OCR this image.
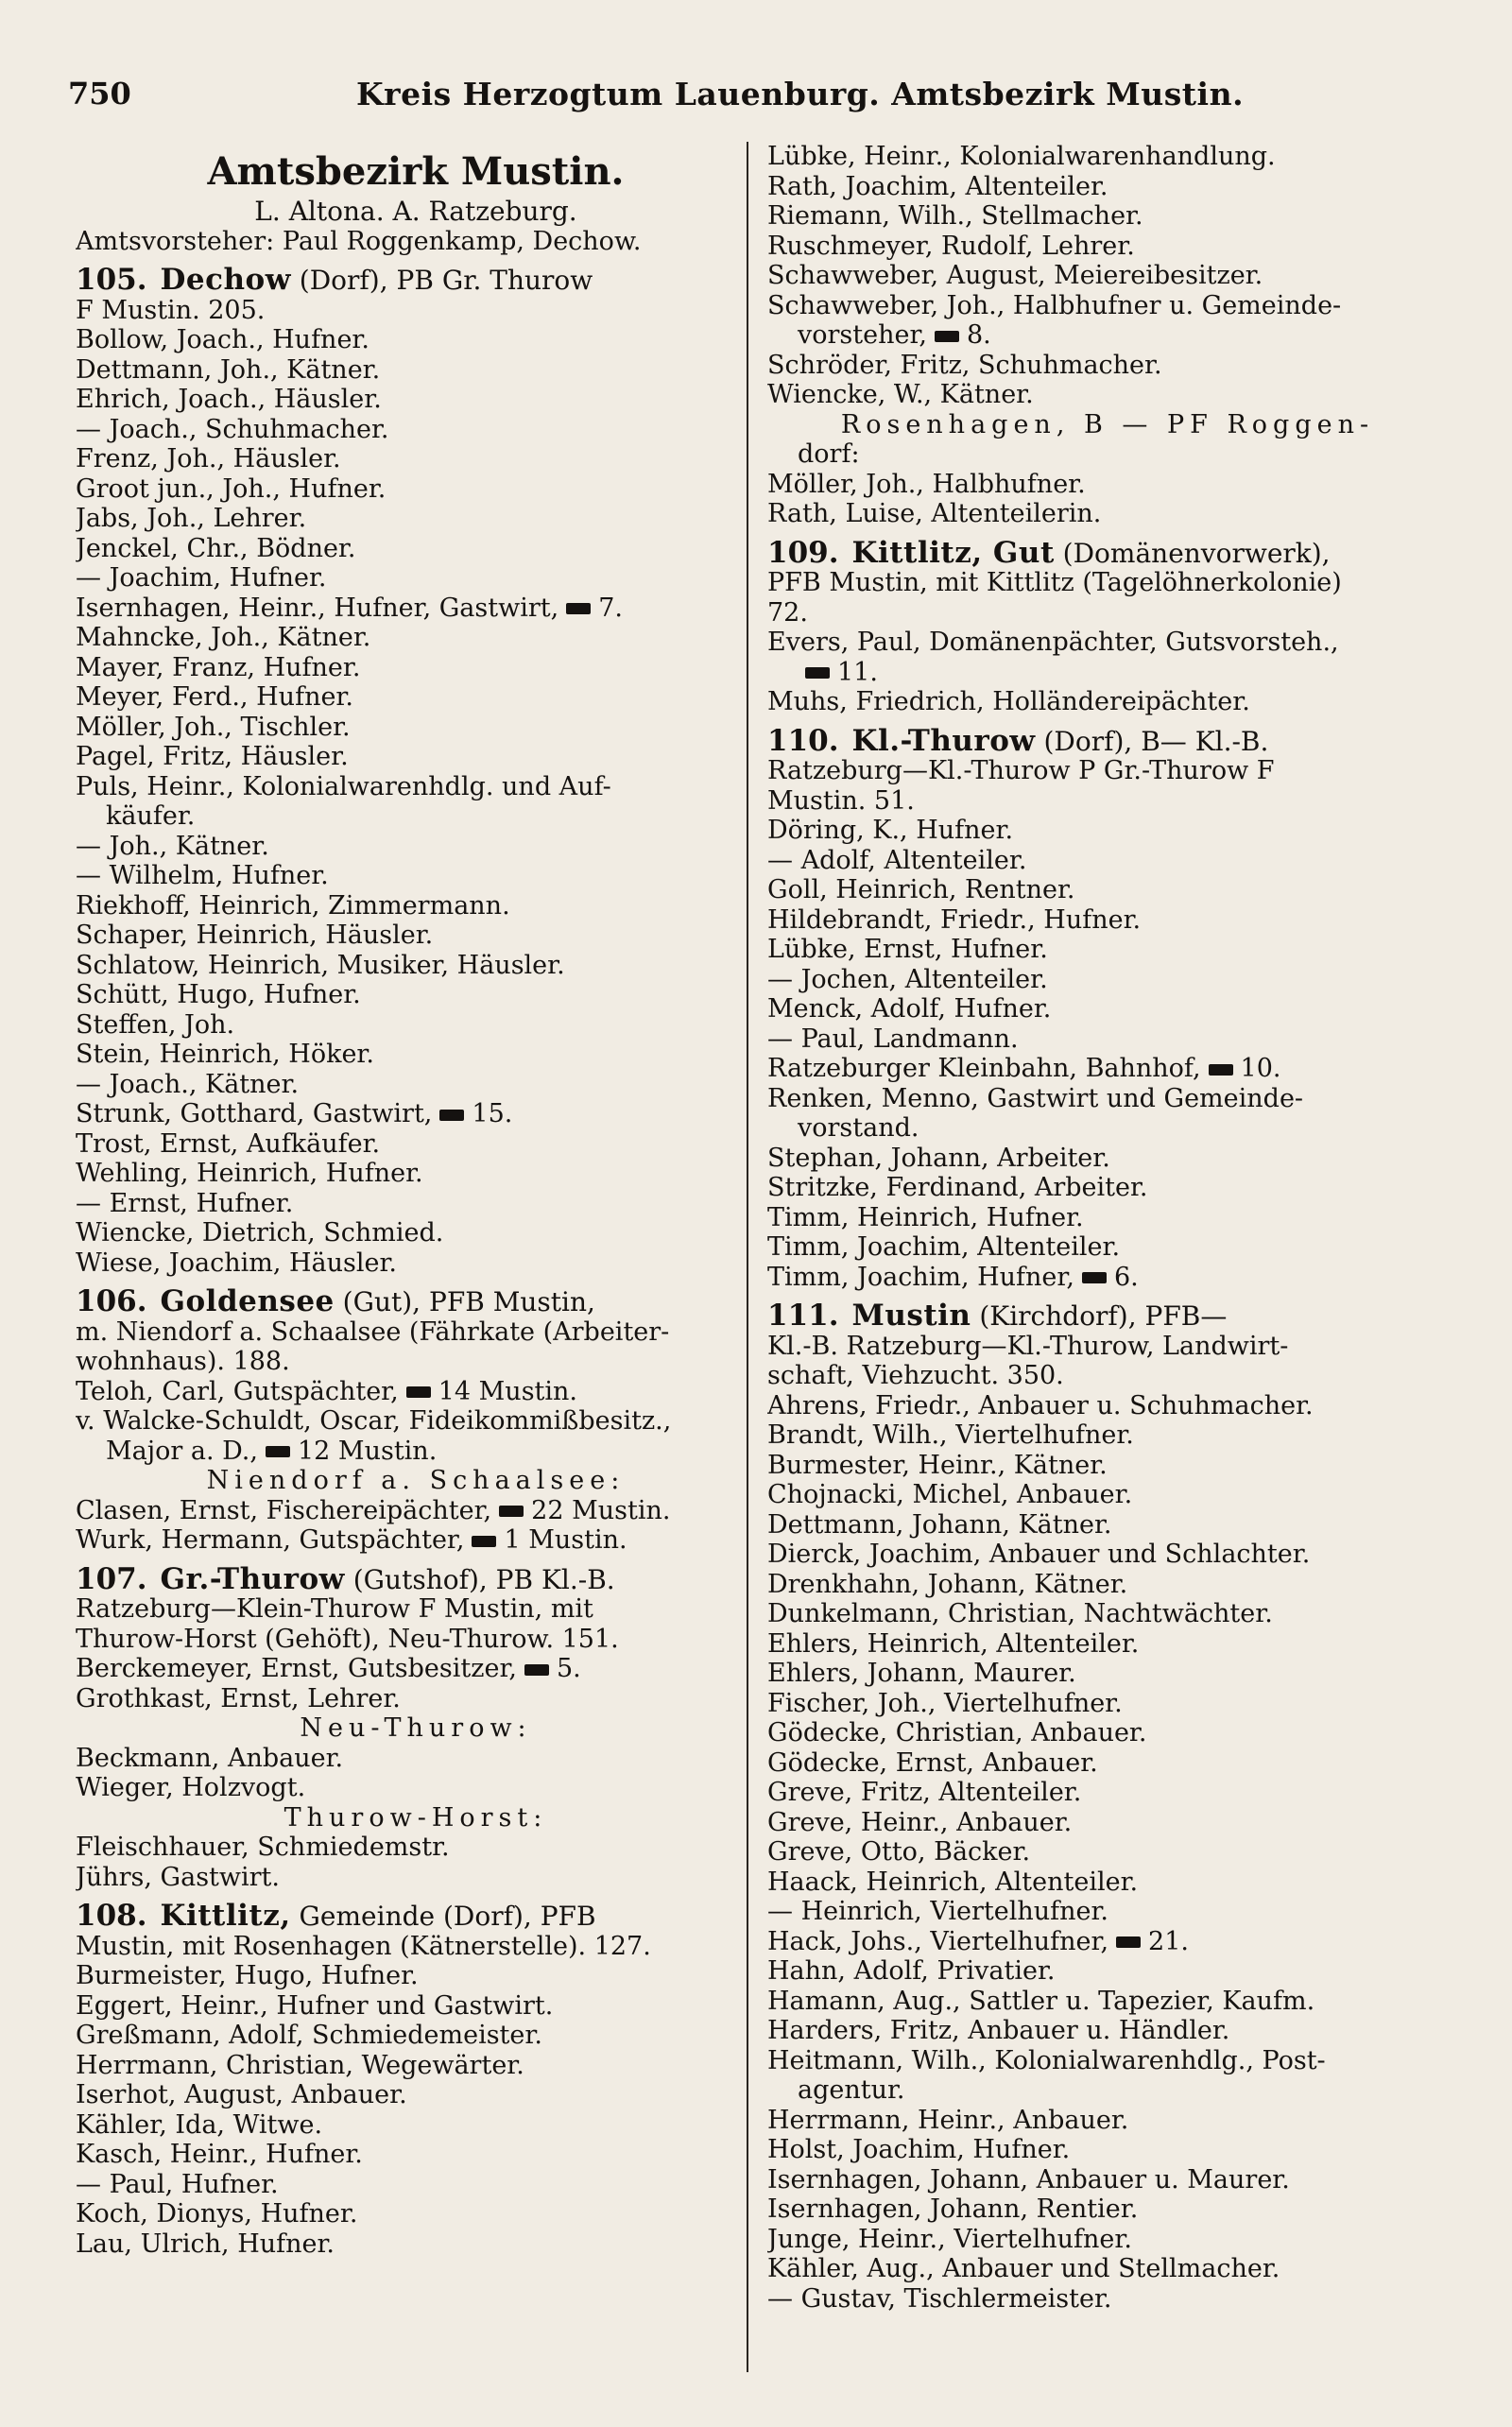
750	Kreis Herzogtum Lauenburg. Amtsbezirk Mustin.
Amtsbezirk Mustin.
L. Altona. A. Ratzeburg.
Amtsvorsteher: Paul Roggenkamp, Dechow.
105. Dechow (Dorf), PB Gr. Thurow
F Mustin. 205.
Bollow, Joach., Hufner.
Dettmann, Joh., Kätner.
Ehrich, Joach., Häusler.
— Joach., Schuhmacher.
Frenz, Joh., Häusler.
Groot jun., Joh., Hufner.
Jabs, Joh., Lehrer.
Jenckel, Chr., Bödner.
— Joachim, Hufner.
Isernhagen, Heinr., Hufner, Gastwirt, 7.
Mahncke, Joh., Kätner.
Mayer, Franz, Hufner.
Meyer, Ferd., Hufner.
Möller, Joh., Tischler.
Pagel, Fritz, Häusler.
Puls, Heinr., Kolonialwarenhdlg. und Auf-
käufer.
— Joh., Kätner.
— Wilhelm, Hufner.
Riekhoff, Heinrich, Zimmermann.
Schaper, Heinrich, Häusler.
Schlatow, Heinrich, Musiker, Häusler.
Schütt, Hugo, Hufner.
Steffen, Joh.
Stein, Heinrich, Höker.
— Joach., Kätner.
Strunk, Gotthard, Gastwirt, 15.
Trost, Ernst, Aufkäufer.
Wehling, Heinrich, Hufner.
— Ernst, Hufner.
Wiencke, Dietrich, Schmied.
Wiese, Joachim, Häusler.
106. Goldensee (Gut), PFB Mustin,
m. Niendorf a. Schaalsee (Fährkate (Arbeiter-
wohnhaus). 188.
Teloh, Carl, Gutspächter, 14 Mustin.
v. Walcke-Schuldt, Oscar, Fideikommißbesitz.,
Major a. D., 12 Mustin.
Niendorf a. Schaalsee:
Clasen, Ernst, Fischereipächter, 22 Mustin.
Wurk, Hermann, Gutspächter, 1 Mustin.
107. Gr.-Thurow (Gutshof), PB Kl.-B.
Ratzeburg—Klein-Thurow F Mustin, mit
Thurow-Horst (Gehöft), Neu-Thurow. 151.
Berckemeyer, Ernst, Gutsbesitzer, 5.
Grothkast, Ernst, Lehrer.
Neu-Thurow:
Beckmann, Anbauer.
Wieger, Holzvogt.
Thurow-Horst:
Fleischhauer, Schmiedemstr.
Jührs, Gastwirt.
108. Kittlitz, Gemeinde (Dorf), PFB
Mustin, mit Rosenhagen (Kätnerstelle). 127.
Burmeister, Hugo, Hufner.
Eggert, Heinr., Hufner und Gastwirt.
Greßmann, Adolf, Schmiedemeister.
Herrmann, Christian, Wegewärter.
Iserhot, August, Anbauer.
Kähler, Ida, Witwe.
Kasch, Heinr., Hufner.
— Paul, Hufner.
Koch, Dionys, Hufner.
Lau, Ulrich, Hufner.
Lübke, Heinr., Kolonialwarenhandlung.
Rath, Joachim, Altenteiler.
Riemann, Wilh., Stellmacher.
Ruschmeyer, Rudolf, Lehrer.
Schawweber, August, Meiereibesitzer.
Schawweber, Joh., Halbhufner u. Gemeinde-
vorsteher, 8.
Schröder, Fritz, Schuhmacher.
Wiencke, W., Kätner.
Rosenhagen, B — PF Roggen-
dorf:
Möller, Joh., Halbhufner.
Rath, Luise, Altenteilerin.
109. Kittlitz, Gut (Domänenvorwerk),
PFB Mustin, mit Kittlitz (Tagelöhnerkolonie)
72.
Evers, Paul, Domänenpächter, Gutsvorsteh.,
11.
Muhs, Friedrich, Holländereipächter.
110. Kl.-Thurow (Dorf), B— Kl.-B.
Ratzeburg—Kl.-Thurow P Gr.-Thurow F
Mustin. 51.
Döring, K., Hufner.
— Adolf, Altenteiler.
Goll, Heinrich, Rentner.
Hildebrandt, Friedr., Hufner.
Lübke, Ernst, Hufner.
— Jochen, Altenteiler.
Menck, Adolf, Hufner.
— Paul, Landmann.
Ratzeburger Kleinbahn, Bahnhof, 10.
Renken, Menno, Gastwirt und Gemeinde-
vorstand.
Stephan, Johann, Arbeiter.
Stritzke, Ferdinand, Arbeiter.
Timm, Heinrich, Hufner.
Timm, Joachim, Altenteiler.
Timm, Joachim, Hufner, 6.
111. Mustin (Kirchdorf), PFB—
Kl.-B. Ratzeburg—Kl.-Thurow, Landwirt-
schaft, Viehzucht. 350.
Ahrens, Friedr., Anbauer u. Schuhmacher.
Brandt, Wilh., Viertelhufner.
Burmester, Heinr., Kätner.
Chojnacki, Michel, Anbauer.
Dettmann, Johann, Kätner.
Dierck, Joachim, Anbauer und Schlachter.
Drenkhahn, Johann, Kätner.
Dunkelmann, Christian, Nachtwächter.
Ehlers, Heinrich, Altenteiler.
Ehlers, Johann, Maurer.
Fischer, Joh., Viertelhufner.
Gödecke, Christian, Anbauer.
Gödecke, Ernst, Anbauer.
Greve, Fritz, Altenteiler.
Greve, Heinr., Anbauer.
Greve, Otto, Bäcker.
Haack, Heinrich, Altenteiler.
— Heinrich, Viertelhufner.
Hack, Johs., Viertelhufner, 21.
Hahn, Adolf, Privatier.
Hamann, Aug., Sattler u. Tapezier, Kaufm.
Harders, Fritz, Anbauer u. Händler.
Heitmann, Wilh., Kolonialwarenhdlg., Post-
agentur.
Herrmann, Heinr., Anbauer.
Holst, Joachim, Hufner.
Isernhagen, Johann, Anbauer u. Maurer.
Isernhagen, Johann, Rentier.
Junge, Heinr., Viertelhufner.
Kähler, Aug., Anbauer und Stellmacher.
— Gustav, Tischlermeister.
